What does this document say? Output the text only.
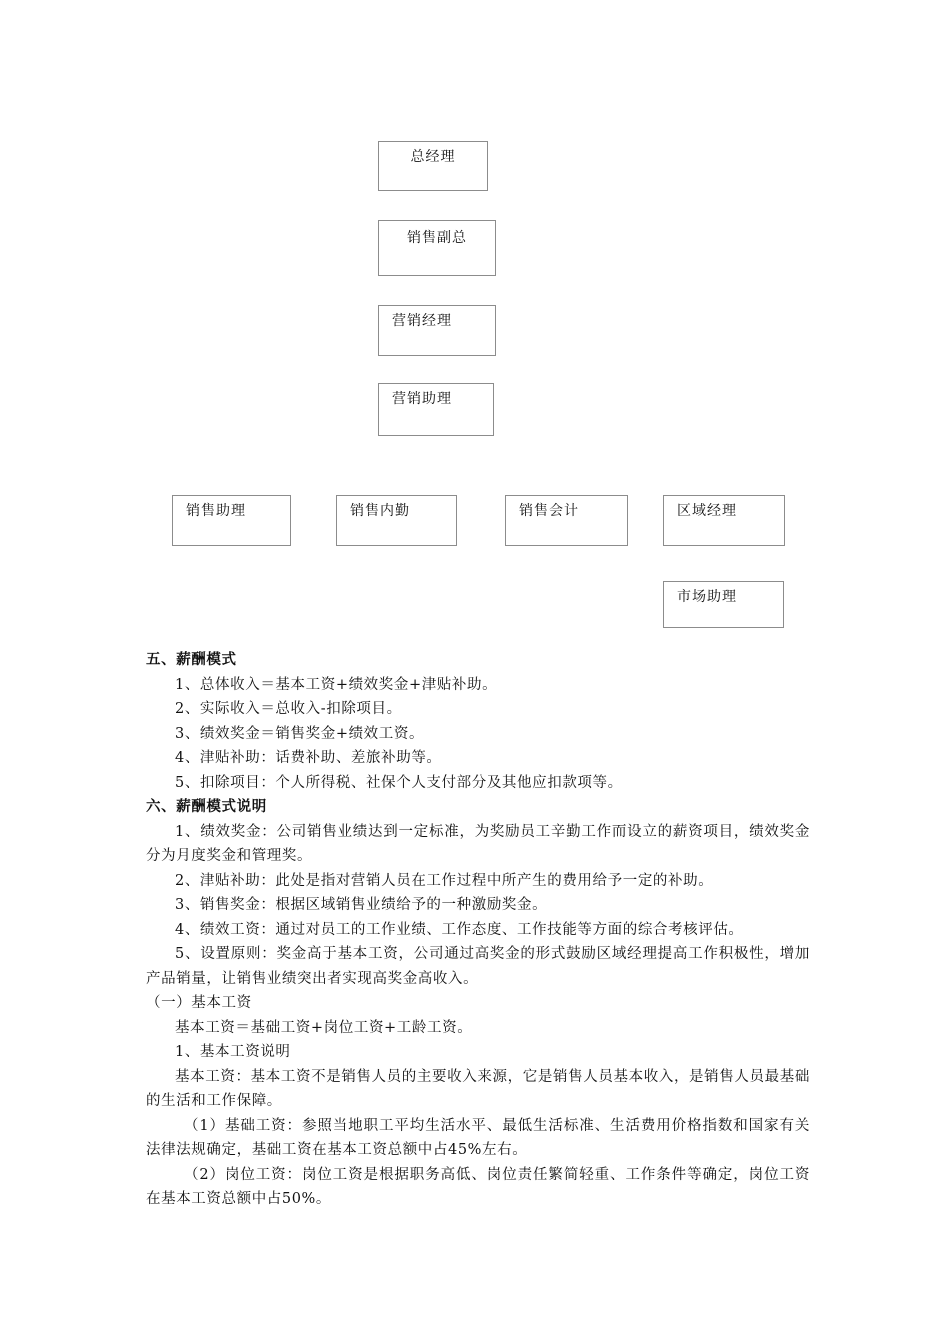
总经理
销售副总
营销经理
营销助理
销售助理	销售内勤	销售会计	区域经理
市场助理

五、薪酬模式

1、总体收入＝基本工资+绩效奖金+津贴补助。

2、实际收入＝总收入-扣除项目。

3、绩效奖金＝销售奖金+绩效工资。

4、津贴补助：话费补助、差旅补助等。

5、扣除项目：个人所得税、社保个人支付部分及其他应扣款项等。

六、薪酬模式说明

1、绩效奖金：公司销售业绩达到一定标准，为奖励员工辛勤工作而设立的薪资项目，绩效奖金分为月度奖金和管理奖。

2、津贴补助：此处是指对营销人员在工作过程中所产生的费用给予一定的补助。

3、销售奖金：根据区域销售业绩给予的一种激励奖金。

4、绩效工资：通过对员工的工作业绩、工作态度、工作技能等方面的综合考核评估。

5、设置原则：奖金高于基本工资，公司通过高奖金的形式鼓励区域经理提高工作积极性，增加产品销量，让销售业绩突出者实现高奖金高收入。

（一）基本工资

基本工资＝基础工资+岗位工资+工龄工资。

1、基本工资说明

基本工资：基本工资不是销售人员的主要收入来源，它是销售人员基本收入，是销售人员最基础的生活和工作保障。

（1）基础工资：参照当地职工平均生活水平、最低生活标准、生活费用价格指数和国家有关法律法规确定，基础工资在基本工资总额中占45%左右。

（2）岗位工资：岗位工资是根据职务高低、岗位责任繁简轻重、工作条件等确定，岗位工资在基本工资总额中占50%。
